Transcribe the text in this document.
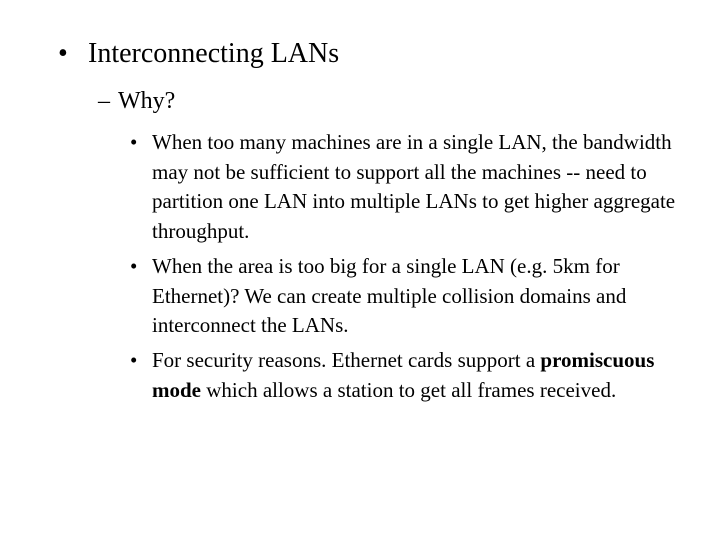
• Interconnecting LANs
– Why?
• When too many machines are in a single LAN, the bandwidth may not be sufficient to support all the machines -- need to partition one LAN into multiple LANs to get higher aggregate throughput.
• When the area is too big for a single LAN (e.g. 5km for Ethernet)? We can create multiple collision domains and interconnect the LANs.
• For security reasons. Ethernet cards support a promiscuous mode which allows a station to get all frames received.
